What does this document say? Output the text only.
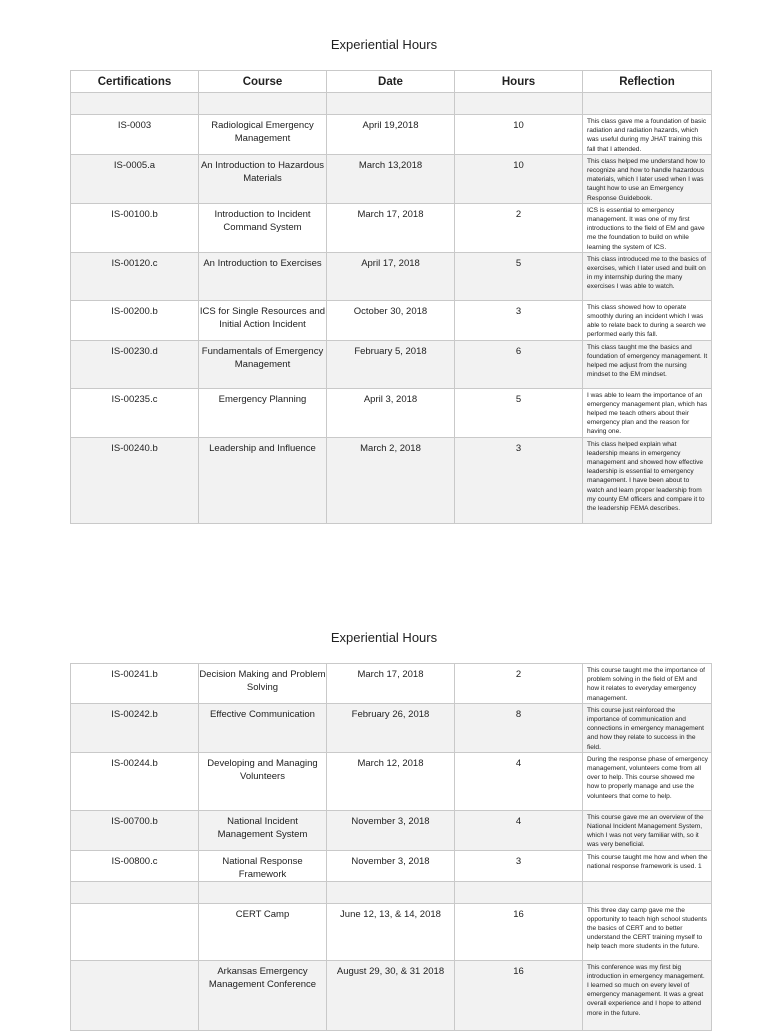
Experiential Hours
Certifications	Course	Date	Hours	Reflection

IS-0003	Radiological Emergency Management	April 19,2018	10	This class gave me a foundation of basic radiation and radiation hazards, which was useful during my JHAT training this fall that I attended.
IS-0005.a	An Introduction to Hazardous Materials	March 13,2018	10	This class helped me understand how to recognize and how to handle hazardous materials, which I later used when I was taught how to use an Emergency Response Guidebook.
IS-00100.b	Introduction to Incident Command System	March 17, 2018	2	ICS is essential to emergency management. It was one of my first introductions to the field of EM and gave me the foundation to build on while learning the system of ICS.
IS-00120.c	An Introduction to Exercises	April 17, 2018	5	This class introduced me to the basics of exercises, which I later used and built on in my internship during the many exercises I was able to watch.
IS-00200.b	ICS for Single Resources and Initial Action Incident	October 30, 2018	3	This class showed how to operate smoothly during an incident which I was able to relate back to during a search we performed early this fall.
IS-00230.d	Fundamentals of Emergency Management	February 5, 2018	6	This class taught me the basics and foundation of emergency management. It helped me adjust from the nursing mindset to the EM mindset.
IS-00235.c	Emergency Planning	April 3, 2018	5	I was able to learn the importance of an emergency management plan, which has helped me teach others about their emergency plan and the reason for having one.
IS-00240.b	Leadership and Influence	March 2, 2018	3	This class helped explain what leadership means in emergency management and showed how effective leadership is essential to emergency management. I have been about to watch and learn proper leadership from my county EM officers and compare it to the leadership FEMA describes.
Experiential Hours
IS-00241.b	Decision Making and Problem Solving	March 17, 2018	2	This course taught me the importance of problem solving in the field of EM and how it relates to everyday emergency management.
IS-00242.b	Effective Communication	February 26, 2018	8	This course just reinforced the importance of communication and connections in emergency management and how they relate to success in the field.
IS-00244.b	Developing and Managing Volunteers	March 12, 2018	4	During the response phase of emergency management, volunteers come from all over to help. This course showed me how to properly manage and use the volunteers that come to help.
IS-00700.b	National Incident Management System	November 3, 2018	4	This course gave me an overview of the National Incident Management System, which I was not very familiar with, so it was very beneficial.
IS-00800.c	National Response Framework	November 3, 2018	3	This course taught me how and when the national response framework is used. 1

	CERT Camp	June 12, 13, & 14, 2018	16	This three day camp gave me the opportunity to teach high school students the basics of CERT and to better understand the CERT training myself to help teach more students in the future.
	Arkansas Emergency Management Conference	August 29, 30, & 31 2018	16	This conference was my first big introduction in emergency management. I learned so much on every level of emergency management. It was a great overall experience and I hope to attend more in the future.
